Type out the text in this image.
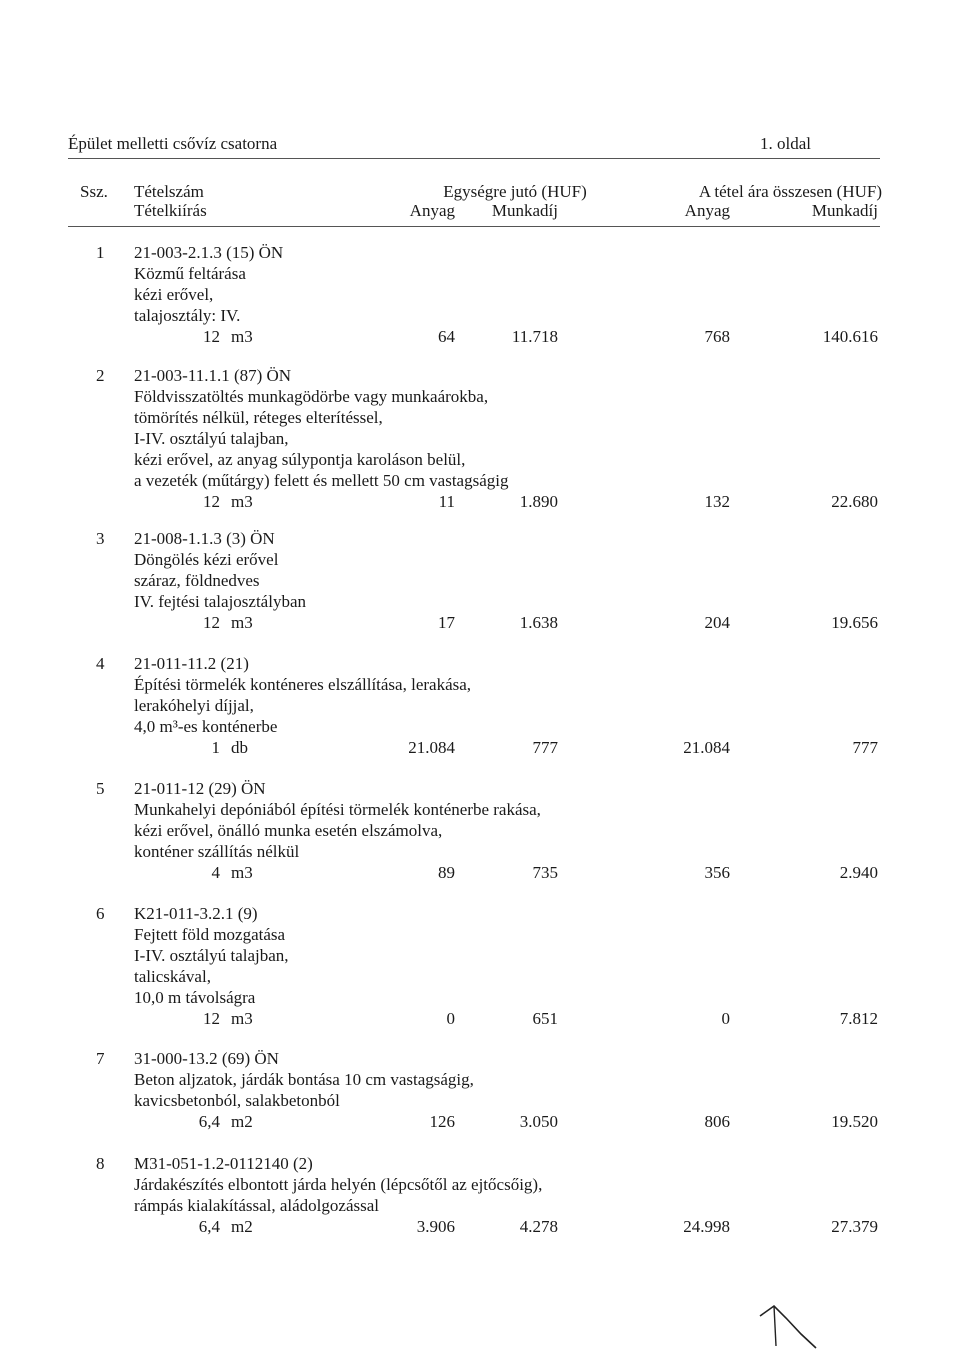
Épület melletti csővíz csatorna	1. oldal
Ssz. Tételszám
Tételkiírás
Egységre jutó (HUF)	A tétel ára összesen (HUF)
Anyag	Munkadíj	Anyag	Munkadíj
1 21-003-2.1.3 (15) ÖN
Közmű feltárása
kézi erővel,
talajosztály: IV.
12 m3	64	11.718	768	140.616
2 21-003-11.1.1 (87) ÖN
Földvisszatöltés munkagödörbe vagy munkaárokba,
tömörítés nélkül, réteges elterítéssel,
I-IV. osztályú talajban,
kézi erővel, az anyag súlypontja karoláson belül,
a vezeték (műtárgy) felett és mellett 50 cm vastagságig
12 m3	11	1.890	132	22.680
3 21-008-1.1.3 (3) ÖN
Döngölés kézi erővel
száraz, földnedves
IV. fejtési talajosztályban
12 m3	17	1.638	204	19.656
4 21-011-11.2 (21)
Építési törmelék konténeres elszállítása, lerakása,
lerakóhelyi díjjal,
4,0 m³-es konténerbe
1 db	21.084	777	21.084	777
5 21-011-12 (29) ÖN
Munkahelyi depóniából építési törmelék konténerbe rakása,
kézi erővel, önálló munka esetén elszámolva,
konténer szállítás nélkül
4 m3	89	735	356	2.940
6 K21-011-3.2.1 (9)
Fejtett föld mozgatása
I-IV. osztályú talajban,
talicskával,
10,0 m távolságra
12 m3	0	651	0	7.812
7 31-000-13.2 (69) ÖN
Beton aljzatok, járdák bontása 10 cm vastagságig,
kavicsbetonból, salakbetonból
6,4 m2	126	3.050	806	19.520
8 M31-051-1.2-0112140 (2)
Járdakészítés elbontott járda helyén (lépcsőtől az ejtőcsőig),
rámpás kialakítással, aládolgozással
6,4 m2	3.906	4.278	24.998	27.379
